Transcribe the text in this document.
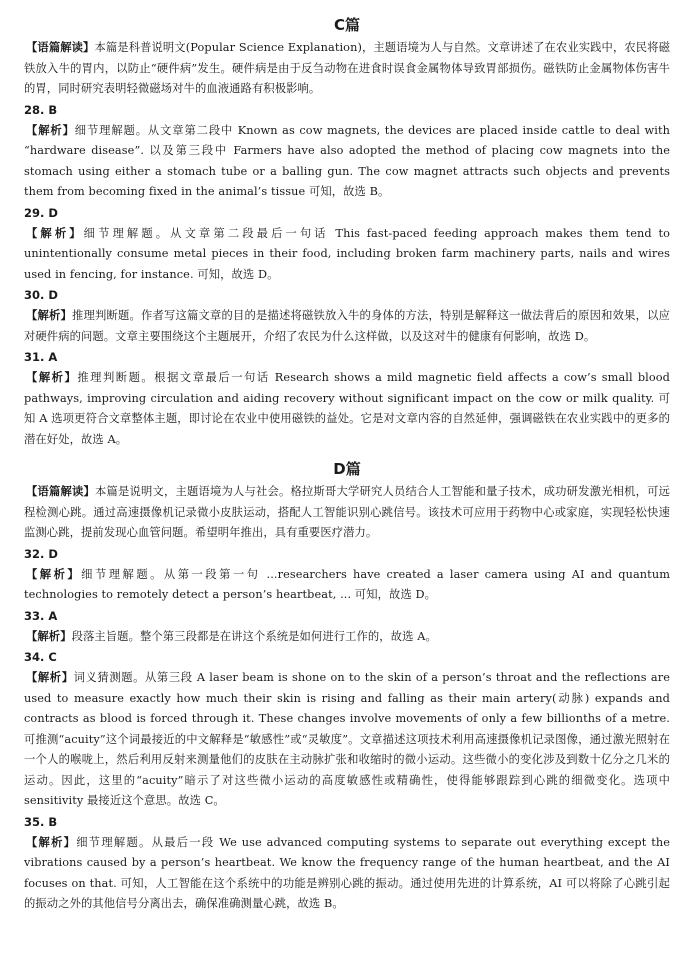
C篇

【语篇解读】本篇是科普说明文(Popular Science Explanation)，主题语境为人与自然。文章讲述了在农业实践中，农民将磁铁放入牛的胃内，以防止“硬件病”发生。硬件病是由于反刍动物在进食时误食金属物体导致胃部损伤。磁铁防止金属物体伤害牛的胃，同时研究表明轻微磁场对牛的血液通路有积极影响。

28. B

【解析】细节理解题。从文章第二段中 Known as cow magnets, the devices are placed inside cattle to deal with “hardware disease”. 以及第三段中 Farmers have also adopted the method of placing cow magnets into the stomach using either a stomach tube or a balling gun. The cow magnet attracts such objects and prevents them from becoming fixed in the animal’s tissue 可知，故选 B。

29. D

【解析】细节理解题。从文章第二段最后一句话 This fast-paced feeding approach makes them tend to unintentionally consume metal pieces in their food, including broken farm machinery parts, nails and wires used in fencing, for instance. 可知，故选 D。

30. D

【解析】推理判断题。作者写这篇文章的目的是描述将磁铁放入牛的身体的方法，特别是解释这一做法背后的原因和效果，以应对硬件病的问题。文章主要围绕这个主题展开，介绍了农民为什么这样做，以及这对牛的健康有何影响，故选 D。

31. A

【解析】推理判断题。根据文章最后一句话 Research shows a mild magnetic field affects a cow’s small blood pathways, improving circulation and aiding recovery without significant impact on the cow or milk quality. 可知 A 选项更符合文章整体主题，即讨论在农业中使用磁铁的益处。它是对文章内容的自然延伸，强调磁铁在农业实践中的更多的潜在好处，故选 A。

D篇

【语篇解读】本篇是说明文，主题语境为人与社会。格拉斯哥大学研究人员结合人工智能和量子技术，成功研发激光相机，可远程检测心跳。通过高速摄像机记录微小皮肤运动，搭配人工智能识别心跳信号。该技术可应用于药物中心或家庭，实现轻松快速监测心跳，提前发现心血管问题。希望明年推出，具有重要医疗潜力。

32. D

【解析】细节理解题。从第一段第一句 ...researchers have created a laser camera using AI and quantum technologies to remotely detect a person’s heartbeat, ... 可知，故选 D。

33. A

【解析】段落主旨题。整个第三段都是在讲这个系统是如何进行工作的，故选 A。

34. C

【解析】词义猜测题。从第三段 A laser beam is shone on to the skin of a person’s throat and the reflections are used to measure exactly how much their skin is rising and falling as their main artery(动脉) expands and contracts as blood is forced through it. These changes involve movements of only a few billionths of a metre. 可推测“acuity”这个词最接近的中文解释是“敏感性”或“灵敏度”。文章描述这项技术利用高速摄像机记录图像，通过激光照射在一个人的喉咙上，然后利用反射来测量他们的皮肤在主动脉扩张和收缩时的微小运动。这些微小的变化涉及到数十亿分之几米的运动。因此，这里的“acuity”暗示了对这些微小运动的高度敏感性或精确性，使得能够跟踪到心跳的细微变化。选项中 sensitivity 最接近这个意思。故选 C。

35. B

【解析】细节理解题。从最后一段 We use advanced computing systems to separate out everything except the vibrations caused by a person’s heartbeat. We know the frequency range of the human heartbeat, and the AI focuses on that. 可知，人工智能在这个系统中的功能是辨别心跳的振动。通过使用先进的计算系统，AI 可以将除了心跳引起的振动之外的其他信号分离出去，确保准确测量心跳，故选 B。
